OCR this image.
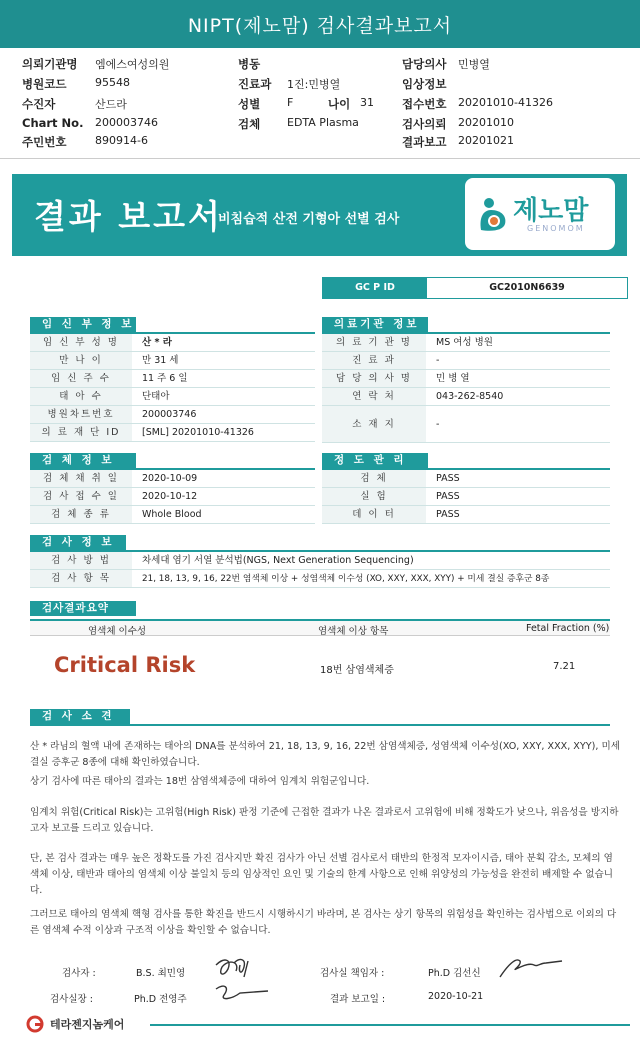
NIPT(제노맘) 검사결과보고서
의뢰기관명 엠에스여성의원
병원코드	95548
수진자	산드라
Chart No. 200003746
주민번호	890914-6
병동
진료과 1진:민병열
성별 F	나이 31
검체 EDTA Plasma
담당의사 민병열
임상정보
접수번호 20201010-41326
검사의뢰 20201010
결과보고 20201021
결과 보고서
비침습적 산전 기형아 선별 검사	제노맘
GENOMOM
GC P ID	GC2010N6639
임 신 부 정 보
임 신 부 성 명	산 * 라
만 나 이	만 31 세
임 신 주 수	11 주 6 일
태 아 수	단태아
병원차트번호	200003746
의 료 재 단 ID	[SML] 20201010-41326
의료기관 정보
의 료 기 관 명	MS 여성 병원
진 료 과	-
담 당 의 사 명	민 병 열
연 락 처	043-262-8540
소 재 지	-
검 체 정 보
검 체 채 취 일	2020-10-09
검 사 접 수 일	2020-10-12
검 체 종 류	Whole Blood
정 도 관 리
검 체	PASS
실 험	PASS
데 이 터	PASS
검 사 정 보
검 사 방 법	차세대 염기 서열 분석법(NGS, Next Generation Sequencing)
검 사 항 목	21, 18, 13, 9, 16, 22번 염색체 이상 + 성염색체 이수성 (XO, XXY, XXX, XYY) + 미세 결실 증후군 8종
검사결과요약
염색체 이수성	염색체 이상 항목	Fetal Fraction (%)
Critical Risk	18번 삼염색체증	7.21
검 사 소 견
산 * 라님의 혈액 내에 존재하는 태아의 DNA를 분석하여 21, 18, 13, 9, 16, 22번 삼염색체증, 성염색체 이수성(XO, XXY, XXX, XYY), 미세 결실 증후군 8종에 대해 확인하였습니다.
상기 검사에 따른 태아의 결과는 18번 삼염색체증에 대하여 임계치 위험군입니다.
임계치 위험(Critical Risk)는 고위험(High Risk) 판정 기준에 근접한 결과가 나온 결과로서 고위험에 비해 정확도가 낮으나, 위음성을 방지하고자 보고를 드리고 있습니다.
단, 본 검사 결과는 매우 높은 정확도를 가진 검사지만 확진 검사가 아닌 선별 검사로서 태반의 한정적 모자이시즘, 태아 분획 감소, 모체의 염색체 이상, 태반과 태아의 염색체 이상 불일치 등의 임상적인 요인 및 기술의 한계 사항으로 인해 위양성의 가능성을 완전히 배제할 수 없습니다.
그러므로 태아의 염색체 핵형 검사를 통한 확진을 반드시 시행하시기 바라며, 본 검사는 상기 항목의 위험성을 확인하는 검사법으로 이외의 다른 염색체 수적 이상과 구조적 이상을 확인할 수 없습니다.
검사자 :	B.S. 최민영
검사실장 :	Ph.D 전영주
검사실 책임자 :	Ph.D 김선신
결과 보고일 :	2020-10-21
테라젠지놈케어
